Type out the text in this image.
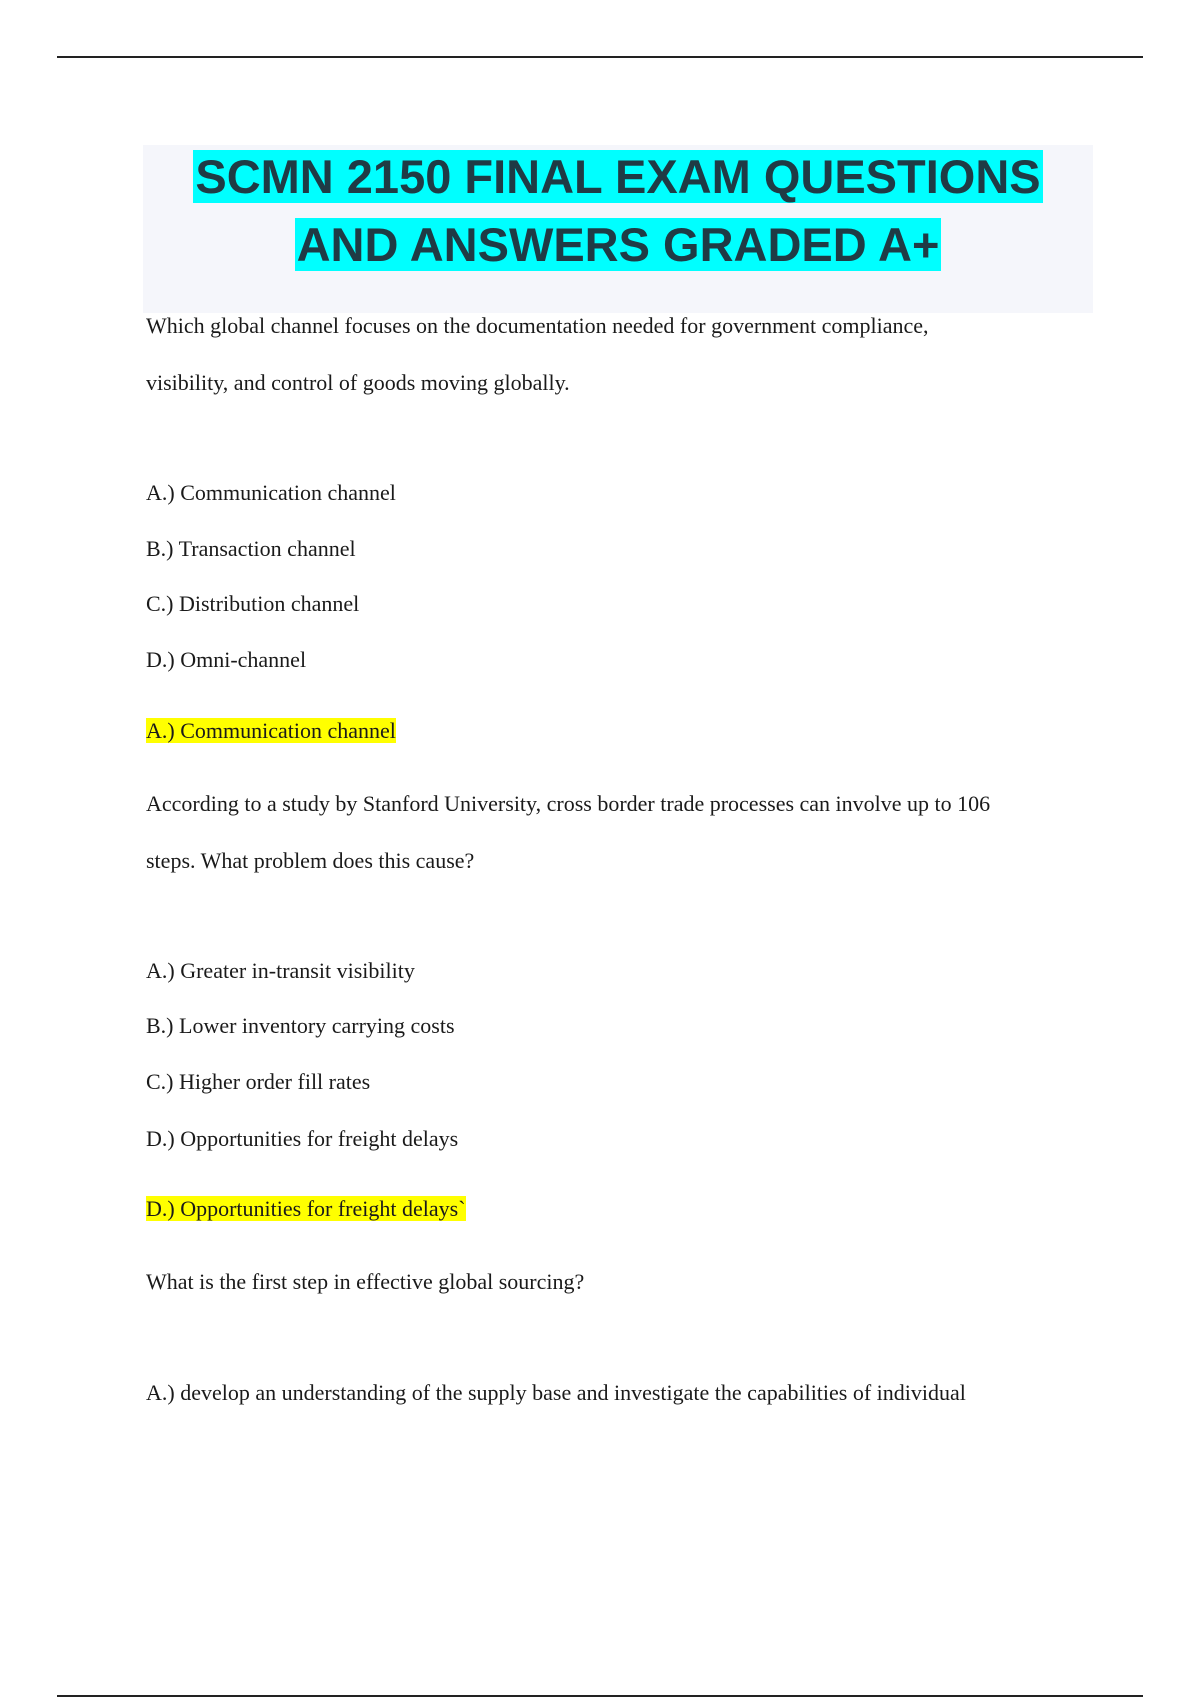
SCMN 2150 FINAL EXAM QUESTIONS
AND ANSWERS GRADED A+
Which global channel focuses on the documentation needed for government compliance,
visibility, and control of goods moving globally.
A.) Communication channel
B.) Transaction channel
C.) Distribution channel
D.) Omni-channel
A.) Communication channel
According to a study by Stanford University, cross border trade processes can involve up to 106
steps. What problem does this cause?
A.) Greater in-transit visibility
B.) Lower inventory carrying costs
C.) Higher order fill rates
D.) Opportunities for freight delays
D.) Opportunities for freight delays`
What is the first step in effective global sourcing?
A.) develop an understanding of the supply base and investigate the capabilities of individual
